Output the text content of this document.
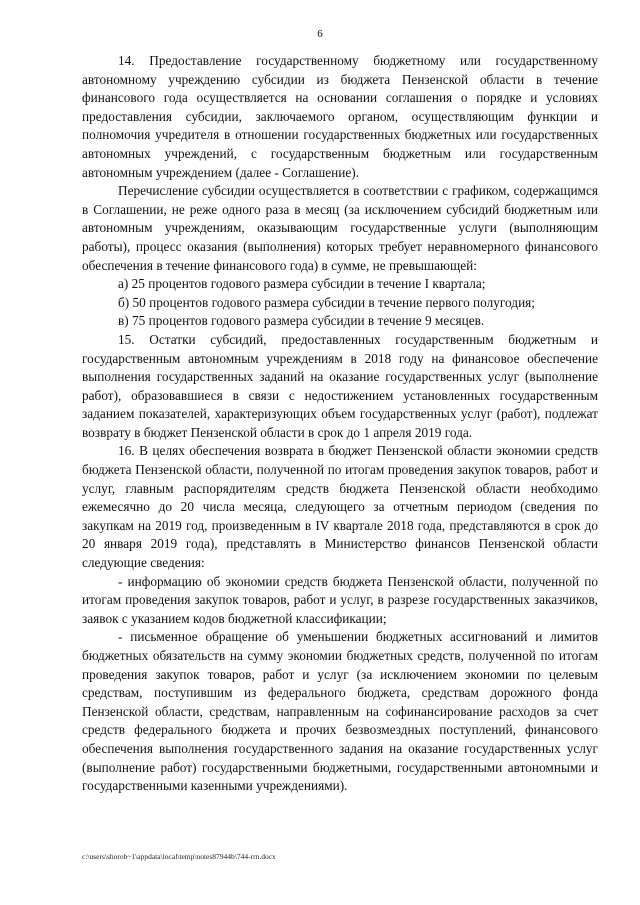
6

14. Предоставление государственному бюджетному или государственному автономному учреждению субсидии из бюджета Пензенской области в течение финансового года осуществляется на основании соглашения о порядке и условиях предоставления субсидии, заключаемого органом, осуществляющим функции и полномочия учредителя в отношении государственных бюджетных или государственных автономных учреждений, с государственным бюджетным или государственным автономным учреждением (далее - Соглашение).

Перечисление субсидии осуществляется в соответствии с графиком, содержащимся в Соглашении, не реже одного раза в месяц (за исключением субсидий бюджетным или автономным учреждениям, оказывающим государственные услуги (выполняющим работы), процесс оказания (выполнения) которых требует неравномерного финансового обеспечения в течение финансового года) в сумме, не превышающей:

а) 25 процентов годового размера субсидии в течение I квартала;

б) 50 процентов годового размера субсидии в течение первого полугодия;

в) 75 процентов годового размера субсидии в течение 9 месяцев.

15. Остатки субсидий, предоставленных государственным бюджетным и государственным автономным учреждениям в 2018 году на финансовое обеспечение выполнения государственных заданий на оказание государственных услуг (выполнение работ), образовавшиеся в связи с недостижением установленных государственным заданием показателей, характеризующих объем государственных услуг (работ), подлежат возврату в бюджет Пензенской области в срок до 1 апреля 2019 года.

16. В целях обеспечения возврата в бюджет Пензенской области экономии средств бюджета Пензенской области, полученной по итогам проведения закупок товаров, работ и услуг, главным распорядителям средств бюджета Пензенской области необходимо ежемесячно до 20 числа месяца, следующего за отчетным периодом (сведения по закупкам на 2019 год, произведенным в IV квартале 2018 года, представляются в срок до 20 января 2019 года), представлять в Министерство финансов Пензенской области следующие сведения:

- информацию об экономии средств бюджета Пензенской области, полученной по итогам проведения закупок товаров, работ и услуг, в разрезе государственных заказчиков, заявок с указанием кодов бюджетной классификации;

- письменное обращение об уменьшении бюджетных ассигнований и лимитов бюджетных обязательств на сумму экономии бюджетных средств, полученной по итогам проведения закупок товаров, работ и услуг (за исключением экономии по целевым средствам, поступившим из федерального бюджета, средствам дорожного фонда Пензенской области, средствам, направленным на софинансирование расходов за счет средств федерального бюджета и прочих безвозмездных поступлений, финансового обеспечения выполнения государственного задания на оказание государственных услуг (выполнение работ) государственными бюджетными, государственными автономными и государственными казенными учреждениями).

c:\users\shorob~1\appdata\local\temp\notes87944b\744-rrn.docx
